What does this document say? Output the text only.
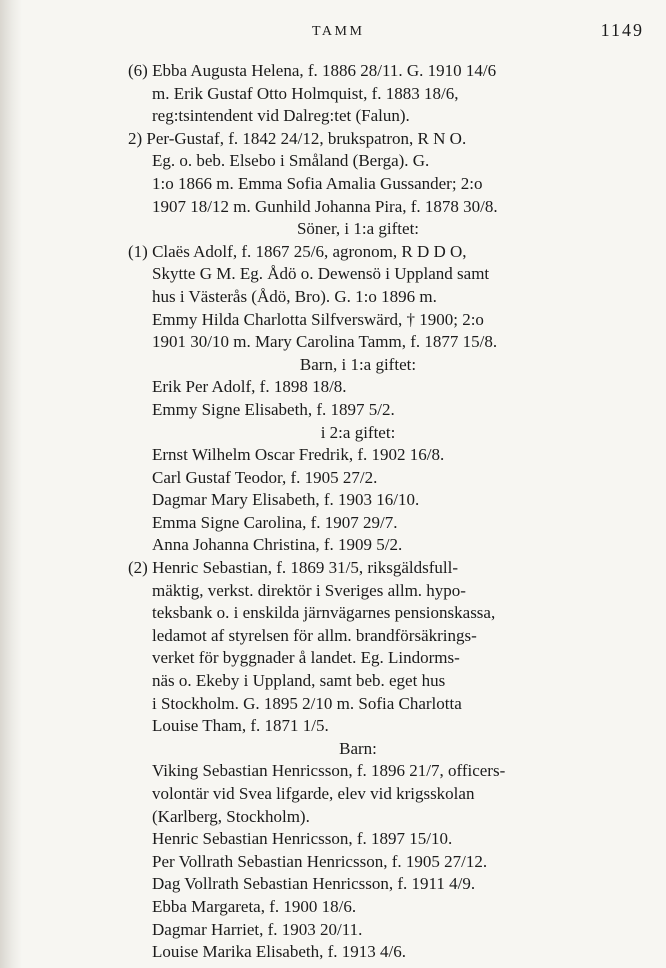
TAMM	1149
(6) Ebba Augusta Helena, f. 1886 28/11. G. 1910 14/6
m. Erik Gustaf Otto Holmquist, f. 1883 18/6,
reg:tsintendent vid Dalreg:tet (Falun).
2) Per-Gustaf, f. 1842 24/12, brukspatron, R N O.
Eg. o. beb. Elsebo i Småland (Berga). G.
1:o 1866 m. Emma Sofia Amalia Gussander; 2:o
1907 18/12 m. Gunhild Johanna Pira, f. 1878 30/8.
Söner, i 1:a giftet:
(1) Claës Adolf, f. 1867 25/6, agronom, R D D O,
Skytte G M. Eg. Ådö o. Dewensö i Uppland samt
hus i Västerås (Ådö, Bro). G. 1:o 1896 m.
Emmy Hilda Charlotta Silfverswärd, † 1900; 2:o
1901 30/10 m. Mary Carolina Tamm, f. 1877 15/8.
Barn, i 1:a giftet:
Erik Per Adolf, f. 1898 18/8.
Emmy Signe Elisabeth, f. 1897 5/2.
i 2:a giftet:
Ernst Wilhelm Oscar Fredrik, f. 1902 16/8.
Carl Gustaf Teodor, f. 1905 27/2.
Dagmar Mary Elisabeth, f. 1903 16/10.
Emma Signe Carolina, f. 1907 29/7.
Anna Johanna Christina, f. 1909 5/2.
(2) Henric Sebastian, f. 1869 31/5, riksgäldsfull-
mäktig, verkst. direktör i Sveriges allm. hypo-
teksbank o. i enskilda järnvägarnes pensionskassa,
ledamot af styrelsen för allm. brandförsäkrings-
verket för byggnader å landet. Eg. Lindorms-
näs o. Ekeby i Uppland, samt beb. eget hus
i Stockholm. G. 1895 2/10 m. Sofia Charlotta
Louise Tham, f. 1871 1/5.
Barn:
Viking Sebastian Henricsson, f. 1896 21/7, officers-
volontär vid Svea lifgarde, elev vid krigsskolan
(Karlberg, Stockholm).
Henric Sebastian Henricsson, f. 1897 15/10.
Per Vollrath Sebastian Henricsson, f. 1905 27/12.
Dag Vollrath Sebastian Henricsson, f. 1911 4/9.
Ebba Margareta, f. 1900 18/6.
Dagmar Harriet, f. 1903 20/11.
Louise Marika Elisabeth, f. 1913 4/6.
